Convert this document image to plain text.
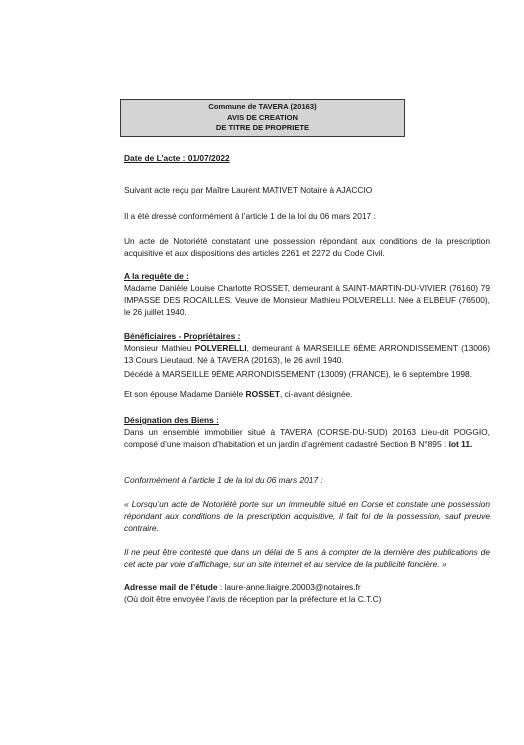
Commune de TAVERA (20163)
AVIS DE CREATION
DE TITRE DE PROPRIETE
Date de L’acte : 01/07/2022
Suivant acte reçu par Maître Laurent MATIVET Notaire à AJACCIO
Il a été dressé conformément à l’article 1 de la loi du 06 mars 2017 :
Un acte de Notoriété constatant une possession répondant aux conditions de la prescription acquisitive et aux dispositions des articles 2261 et 2272 du Code Civil.

A la requête de :

Madame Danièle Louise Charlotte ROSSET, demeurant à SAINT-MARTIN-DU-VIVIER (76160) 79 IMPASSE DES ROCAILLES. Veuve de Monsieur Mathieu POLVERELLI. Née à ELBEUF (76500), le 26 juillet 1940.

Bénéficiaires - Propriétaires :

Monsieur Mathieu POLVERELLI, demeurant à MARSEILLE 6ÈME ARRONDISSEMENT (13006) 13 Cours Lieutaud. Né à TAVERA (20163), le 26 avril 1940.

Décédé à MARSEILLE 9ÈME ARRONDISSEMENT (13009) (FRANCE), le 6 septembre 1998.

Et son épouse Madame Danièle ROSSET, ci-avant désignée.

Désignation des Biens :

Dans un ensemble immobilier situé à TAVERA (CORSE-DU-SUD) 20163 Lieu-dit POGGIO, composé d’une maison d’habitation et un jardin d’agrément cadastré Section B N°895 : lot 11.

Conformément à l’article 1 de la loi du 06 mars 2017 :
« Lorsqu’un acte de Notoriété porte sur un immeuble situé en Corse et constate une possession répondant aux conditions de la prescription acquisitive, il fait foi de la possession, sauf preuve contraire.
Il ne peut être contesté que dans un délai de 5 ans à compter de la dernière des publications de cet acte par voie d’affichage, sur un site internet et au service de la publicité foncière. »

Adresse mail de l’étude : laure-anne.liaigre.20003@notaires.fr

(Où doit être envoyée l’avis de réception par la préfecture et la C.T.C)
